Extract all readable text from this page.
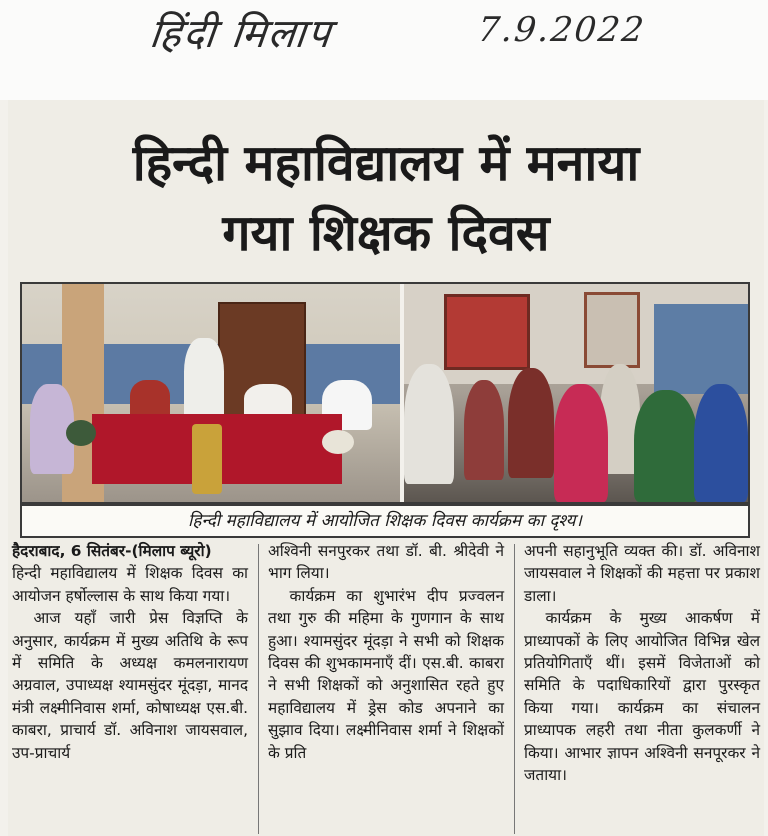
हिंदी मिलाप	7.9.2022
हिन्दी महाविद्यालय में मनाया
गया शिक्षक दिवस
हिन्दी महाविद्यालय में आयोजित शिक्षक दिवस कार्यक्रम का दृश्य।

हैदराबाद, 6 सितंबर-(मिलाप ब्यूरो)
हिन्दी महाविद्यालय में शिक्षक दिवस का आयोजन हर्षोल्लास के साथ किया गया।

आज यहाँ जारी प्रेस विज्ञप्ति के अनुसार, कार्यक्रम में मुख्य अतिथि के रूप में समिति के अध्यक्ष कमलनारायण अग्रवाल, उपाध्यक्ष श्यामसुंदर मूंदड़ा, मानद मंत्री लक्ष्मीनिवास शर्मा, कोषाध्यक्ष एस.बी. काबरा, प्राचार्य डॉ. अविनाश जायसवाल, उप-प्राचार्य

अश्विनी सनपुरकर तथा डॉ. बी. श्रीदेवी ने भाग लिया।

कार्यक्रम का शुभारंभ दीप प्रज्वलन तथा गुरु की महिमा के गुणगान के साथ हुआ। श्यामसुंदर मूंदड़ा ने सभी को शिक्षक दिवस की शुभकामनाएँ दीं। एस.बी. काबरा ने सभी शिक्षकों को अनुशासित रहते हुए महाविद्यालय में ड्रेस कोड अपनाने का सुझाव दिया। लक्ष्मीनिवास शर्मा ने शिक्षकों के प्रति

अपनी सहानुभूति व्यक्त की। डॉ. अविनाश जायसवाल ने शिक्षकों की महत्ता पर प्रकाश डाला।

कार्यक्रम के मुख्य आकर्षण में प्राध्यापकों के लिए आयोजित विभिन्न खेल प्रतियोगिताएँ थीं। इसमें विजेताओं को समिति के पदाधिकारियों द्वारा पुरस्कृत किया गया। कार्यक्रम का संचालन प्राध्यापक लहरी तथा नीता कुलकर्णी ने किया। आभार ज्ञापन अश्विनी सनपूरकर ने जताया।
